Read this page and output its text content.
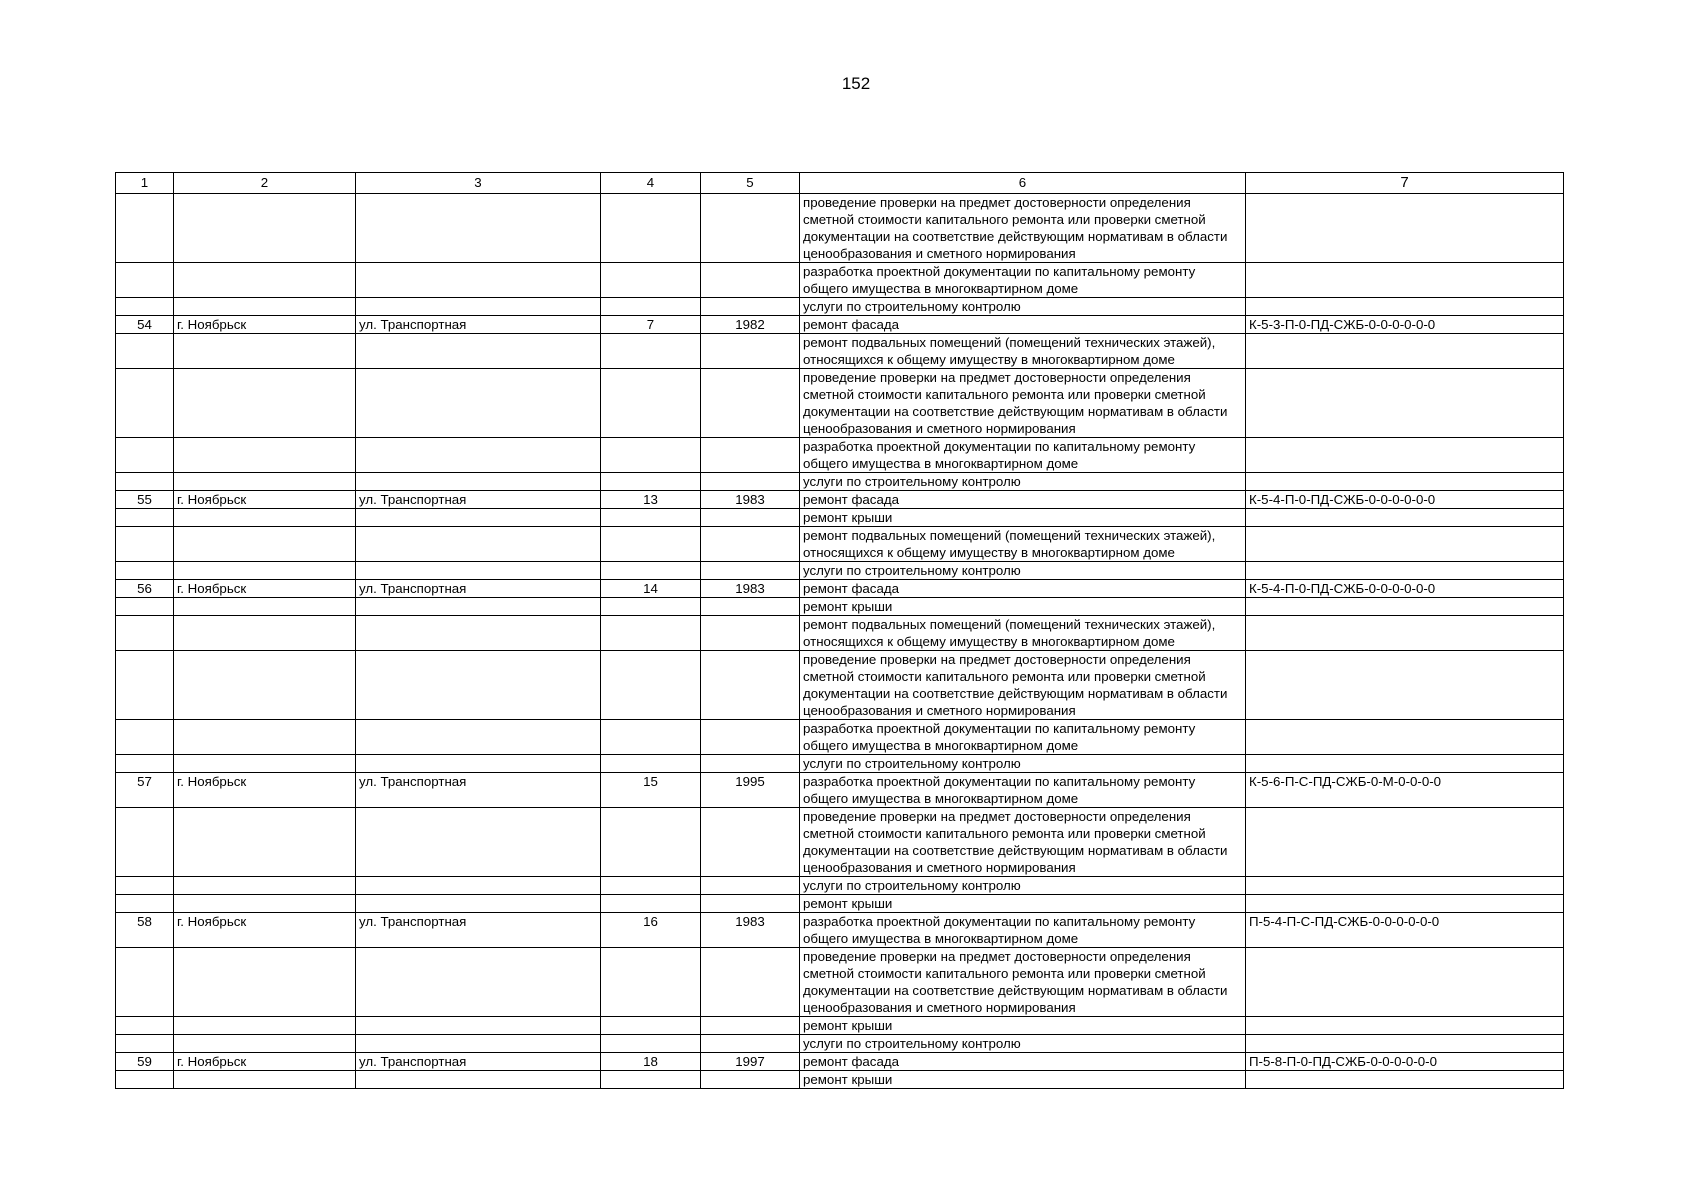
152
1	2	3	4	5	6	7
					проведение проверки на предмет достоверности определения сметной стоимости капитального ремонта или проверки сметной документации на соответствие действующим нормативам в области ценообразования и сметного нормирования	
					разработка проектной документации по капитальному ремонту общего имущества в многоквартирном доме	
					услуги по строительному контролю	
54	г. Ноябрьск	ул. Транспортная	7	1982	ремонт фасада	К-5-3-П-0-ПД-СЖБ-0-0-0-0-0-0
					ремонт подвальных помещений (помещений технических этажей), относящихся к общему имуществу в многоквартирном доме	
					проведение проверки на предмет достоверности определения сметной стоимости капитального ремонта или проверки сметной документации на соответствие действующим нормативам в области ценообразования и сметного нормирования	
					разработка проектной документации по капитальному ремонту общего имущества в многоквартирном доме	
					услуги по строительному контролю	
55	г. Ноябрьск	ул. Транспортная	13	1983	ремонт фасада	К-5-4-П-0-ПД-СЖБ-0-0-0-0-0-0
					ремонт крыши	
					ремонт подвальных помещений (помещений технических этажей), относящихся к общему имуществу в многоквартирном доме	
					услуги по строительному контролю	
56	г. Ноябрьск	ул. Транспортная	14	1983	ремонт фасада	К-5-4-П-0-ПД-СЖБ-0-0-0-0-0-0
					ремонт крыши	
					ремонт подвальных помещений (помещений технических этажей), относящихся к общему имуществу в многоквартирном доме	
					проведение проверки на предмет достоверности определения сметной стоимости капитального ремонта или проверки сметной документации на соответствие действующим нормативам в области ценообразования и сметного нормирования	
					разработка проектной документации по капитальному ремонту общего имущества в многоквартирном доме	
					услуги по строительному контролю	
57	г. Ноябрьск	ул. Транспортная	15	1995	разработка проектной документации по капитальному ремонту общего имущества в многоквартирном доме	К-5-6-П-С-ПД-СЖБ-0-М-0-0-0-0
					проведение проверки на предмет достоверности определения сметной стоимости капитального ремонта или проверки сметной документации на соответствие действующим нормативам в области ценообразования и сметного нормирования	
					услуги по строительному контролю	
					ремонт крыши	
58	г. Ноябрьск	ул. Транспортная	16	1983	разработка проектной документации по капитальному ремонту общего имущества в многоквартирном доме	П-5-4-П-С-ПД-СЖБ-0-0-0-0-0-0
					проведение проверки на предмет достоверности определения сметной стоимости капитального ремонта или проверки сметной документации на соответствие действующим нормативам в области ценообразования и сметного нормирования	
					ремонт крыши	
					услуги по строительному контролю	
59	г. Ноябрьск	ул. Транспортная	18	1997	ремонт фасада	П-5-8-П-0-ПД-СЖБ-0-0-0-0-0-0
					ремонт крыши	
